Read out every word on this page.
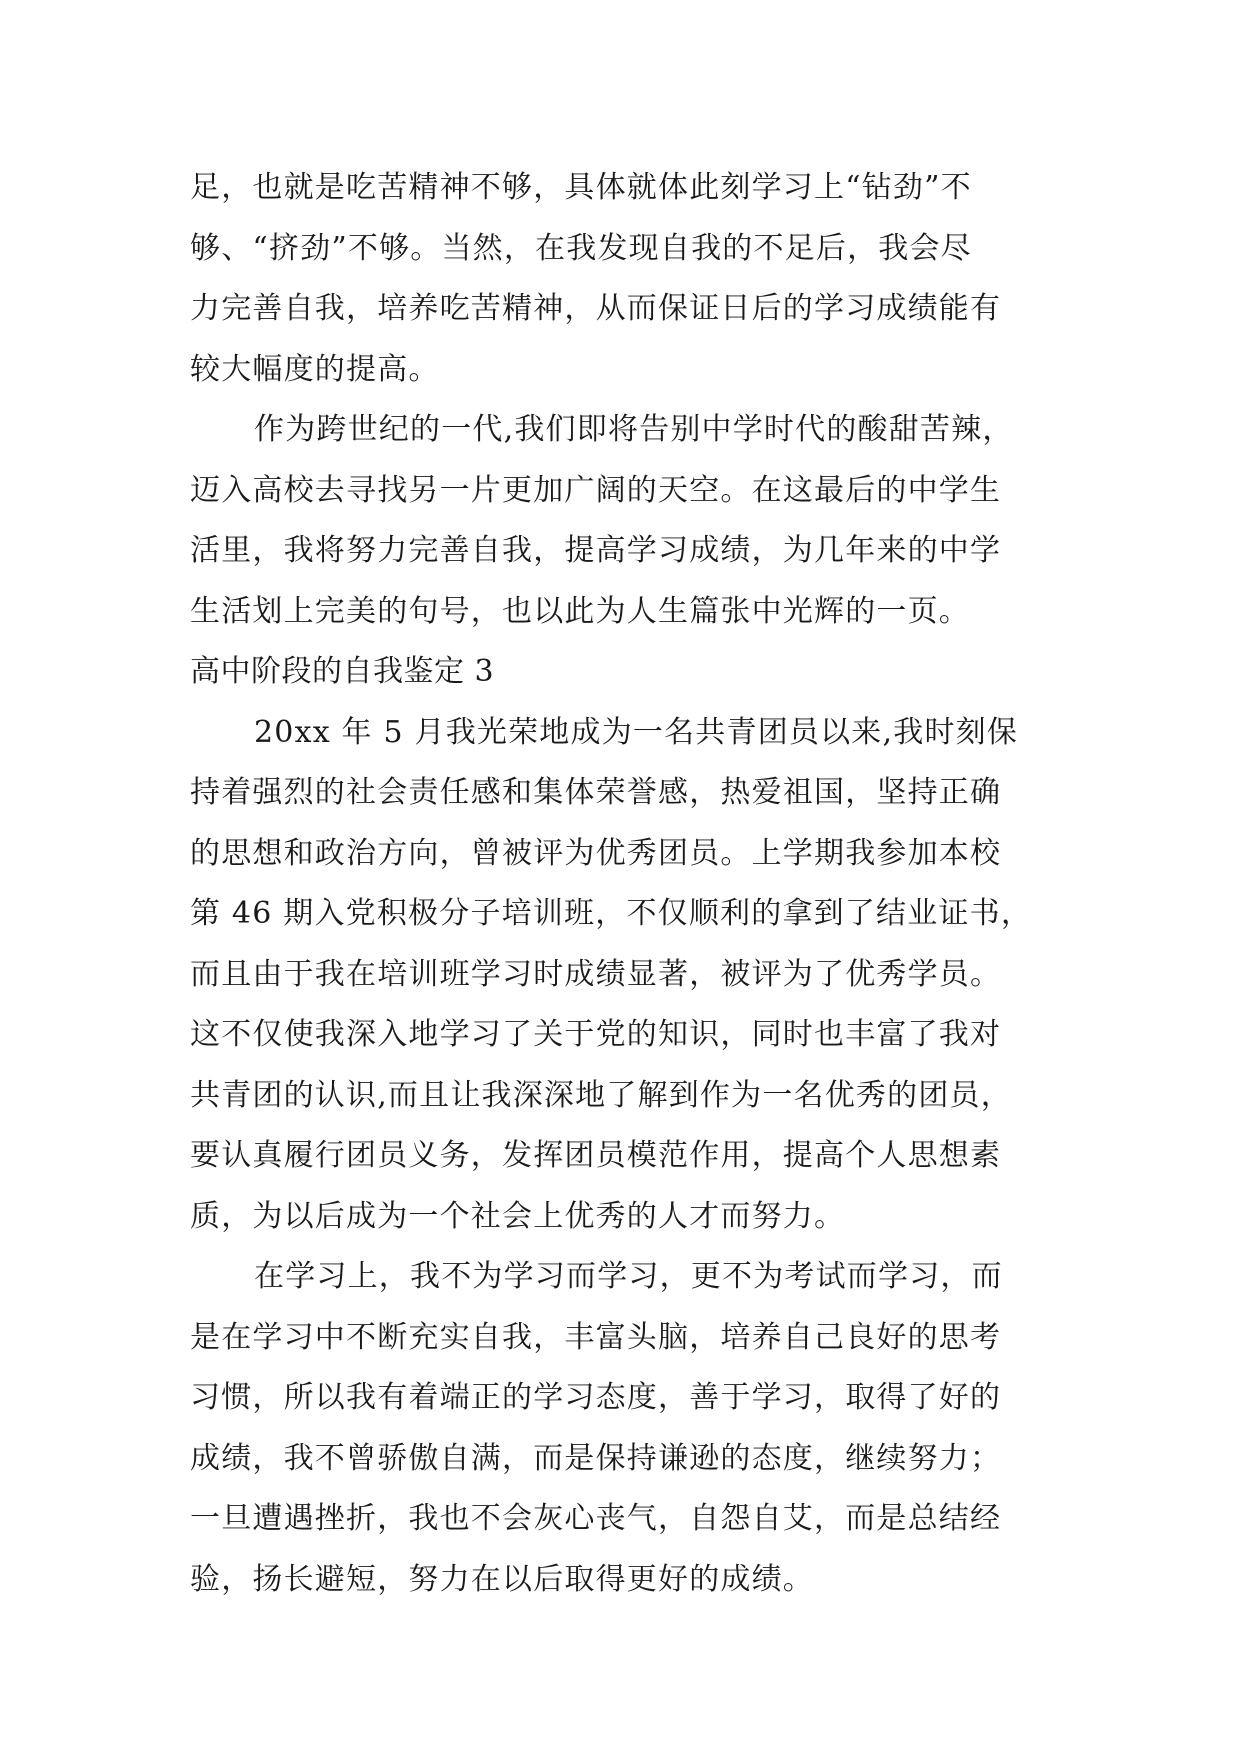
足，也就是吃苦精神不够，具体就体此刻学习上“钻劲”不
够、“挤劲”不够。当然，在我发现自我的不足后，我会尽
力完善自我，培养吃苦精神，从而保证日后的学习成绩能有
较大幅度的提高。
作为跨世纪的一代,我们即将告别中学时代的酸甜苦辣，
迈入高校去寻找另一片更加广阔的天空。在这最后的中学生
活里，我将努力完善自我，提高学习成绩，为几年来的中学
生活划上完美的句号，也以此为人生篇张中光辉的一页。
高中阶段的自我鉴定 3
20xx 年 5 月我光荣地成为一名共青团员以来,我时刻保
持着强烈的社会责任感和集体荣誉感，热爱祖国，坚持正确
的思想和政治方向，曾被评为优秀团员。上学期我参加本校
第 46 期入党积极分子培训班，不仅顺利的拿到了结业证书，
而且由于我在培训班学习时成绩显著，被评为了优秀学员。
这不仅使我深入地学习了关于党的知识，同时也丰富了我对
共青团的认识,而且让我深深地了解到作为一名优秀的团员，
要认真履行团员义务，发挥团员模范作用，提高个人思想素
质，为以后成为一个社会上优秀的人才而努力。
在学习上，我不为学习而学习，更不为考试而学习，而
是在学习中不断充实自我，丰富头脑，培养自己良好的思考
习惯，所以我有着端正的学习态度，善于学习，取得了好的
成绩，我不曾骄傲自满，而是保持谦逊的态度，继续努力；
一旦遭遇挫折，我也不会灰心丧气，自怨自艾，而是总结经
验，扬长避短，努力在以后取得更好的成绩。
